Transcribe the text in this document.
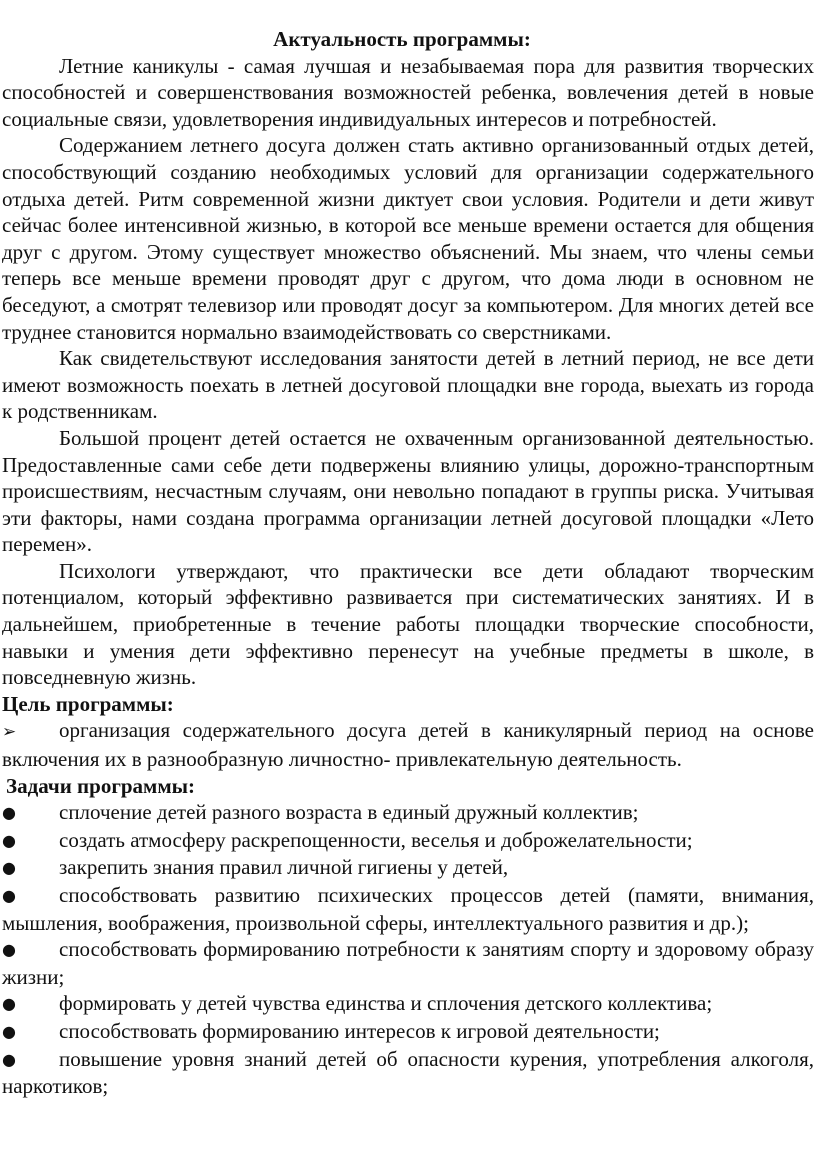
Актуальность программы:

Летние каникулы - самая лучшая и незабываемая пора для развития творческих способностей и совершенствования возможностей ребенка, вовлечения детей в новые социальные связи, удовлетворения индивидуальных интересов и потребностей.

Содержанием летнего досуга должен стать активно организованный отдых детей, способствующий созданию необходимых условий для организации содержательного отдыха детей. Ритм современной жизни диктует свои условия. Родители и дети живут сейчас более интенсивной жизнью, в которой все меньше времени остается для общения друг с другом. Этому существует множество объяснений. Мы знаем, что члены семьи теперь все меньше времени проводят друг с другом, что дома люди в основном не беседуют, а смотрят телевизор или проводят досуг за компьютером. Для многих детей все труднее становится нормально взаимодействовать со сверстниками.

Как свидетельствуют исследования занятости детей в летний период, не все дети имеют возможность поехать в летней досуговой площадки вне города, выехать из города к родственникам.

Большой процент детей остается не охваченным организованной деятельностью. Предоставленные сами себе дети подвержены влиянию улицы, дорожно-транспортным происшествиям, несчастным случаям, они невольно попадают в группы риска. Учитывая эти факторы, нами создана программа организации летней досуговой площадки «Лето перемен».

Психологи утверждают, что практически все дети обладают творческим потенциалом, который эффективно развивается при систематических занятиях. И в дальнейшем, приобретенные в течение работы площадки творческие способности, навыки и умения дети эффективно перенесут на учебные предметы в школе, в повседневную жизнь.

Цель программы:

➢ организация содержательного досуга детей в каникулярный период на основе включения их в разнообразную личностно- привлекательную деятельность.

Задачи программы:

● сплочение детей разного возраста в единый дружный коллектив;
● создать атмосферу раскрепощенности, веселья и доброжелательности;
● закрепить знания правил личной гигиены у детей,
● способствовать развитию психических процессов детей (памяти, внимания, мышления, воображения, произвольной сферы, интеллектуального развития и др.);
● способствовать формированию потребности к занятиям спорту и здоровому образу жизни;
● формировать у детей чувства единства и сплочения детского коллектива;
● способствовать формированию интересов к игровой деятельности;
● повышение уровня знаний детей об опасности курения, употребления алкоголя, наркотиков;
